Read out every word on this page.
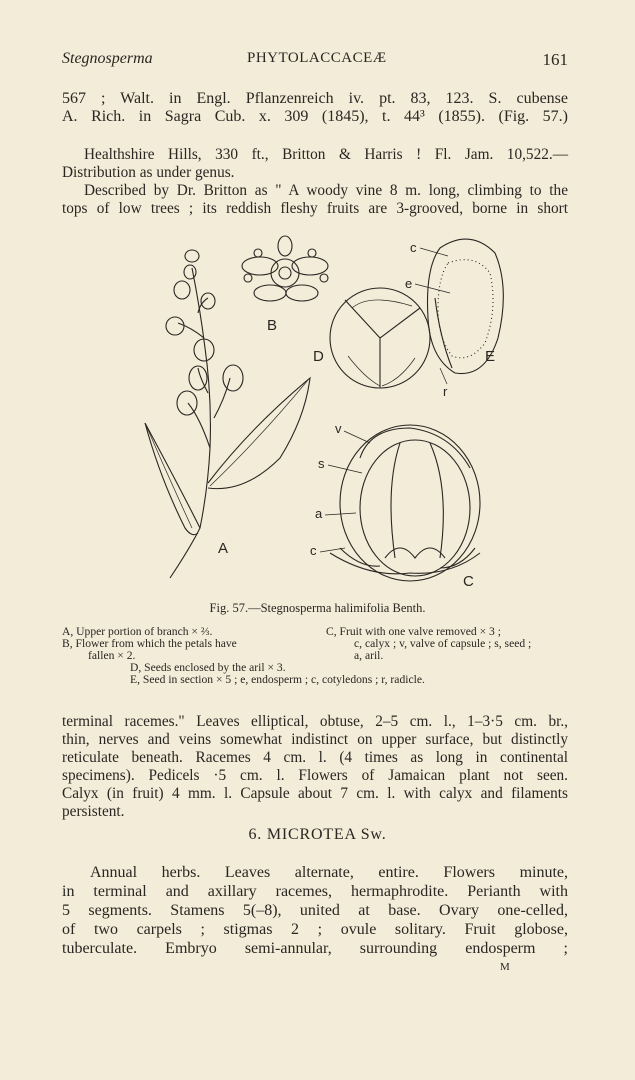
Stegnosperma	PHYTOLACCACEÆ	161
567 ; Walt. in Engl. Pflanzenreich iv. pt. 83, 123. S. cubense
A. Rich. in Sagra Cub. x. 309 (1845), t. 44³ (1855). (Fig. 57.)
Healthshire Hills, 330 ft., Britton & Harris ! Fl. Jam. 10,522.—
Distribution as under genus.
Described by Dr. Britton as " A woody vine 8 m. long, climbing to the
tops of low trees ; its reddish fleshy fruits are 3-grooved, borne in short
A
B
C
D	E
c
e
r
v
s
a
c
Fig. 57.—Stegnosperma halimifolia Benth.
A, Upper portion of branch × ⅔.	C, Fruit with one valve removed × 3 ;
B, Flower from which the petals have	c, calyx ; v, valve of capsule ; s, seed ;
fallen × 2.	a, aril.
D, Seeds enclosed by the aril × 3.
E, Seed in section × 5 ; e, endosperm ; c, cotyledons ; r, radicle.
terminal racemes." Leaves elliptical, obtuse, 2–5 cm. l., 1–3·5 cm. br.,
thin, nerves and veins somewhat indistinct on upper surface, but distinctly
reticulate beneath. Racemes 4 cm. l. (4 times as long in continental
specimens). Pedicels ·5 cm. l. Flowers of Jamaican plant not seen.
Calyx (in fruit) 4 mm. l. Capsule about 7 cm. l. with calyx and filaments
persistent.
6. MICROTEA Sw.
Annual herbs. Leaves alternate, entire. Flowers minute,
in terminal and axillary racemes, hermaphrodite. Perianth with
5 segments. Stamens 5(–8), united at base. Ovary one-celled,
of two carpels ; stigmas 2 ; ovule solitary. Fruit globose,
tuberculate. Embryo semi-annular, surrounding endosperm ;
M
